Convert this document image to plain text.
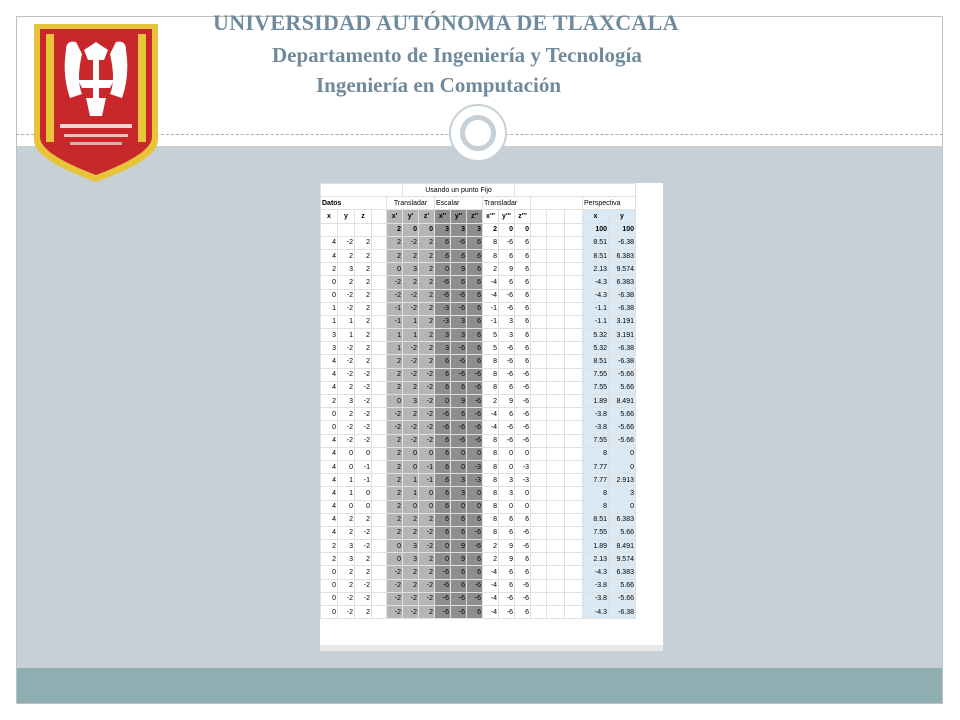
UNIVERSIDAD AUTÓNOMA DE TLAXCALA
Departamento de Ingeniería y Tecnología
Ingeniería en Computación
					Usando un punto Fijo												
Datos				Transladar			Escalar			Transladar						Perspectiva	
x	y	z		x'	y'	z'	x''	y''	z''	x'''	y'''	z'''				x	y
				2	0	0	3	3	3	2	0	0				100	100
4	-2	2		2	-2	2	6	-6	6	8	-6	6				8.51	-6.38
4	2	2		2	2	2	6	6	6	8	6	6				8.51	6.383
2	3	2		0	3	2	0	9	6	2	9	6				2.13	9.574
0	2	2		-2	2	2	-6	6	6	-4	6	6				-4.3	6.383
0	-2	2		-2	-2	2	-6	-6	6	-4	-6	6				-4.3	-6.38
1	-2	2		-1	-2	2	-3	-6	6	-1	-6	6				-1.1	-6.38
1	1	2		-1	1	2	-3	3	6	-1	3	6				-1.1	3.191
3	1	2		1	1	2	3	3	6	5	3	6				5.32	3.191
3	-2	2		1	-2	2	3	-6	6	5	-6	6				5.32	-6.38
4	-2	2		2	-2	2	6	-6	6	8	-6	6				8.51	-6.38
4	-2	-2		2	-2	-2	6	-6	-6	8	-6	-6				7.55	-5.66
4	2	-2		2	2	-2	6	6	-6	8	6	-6				7.55	5.66
2	3	-2		0	3	-2	0	9	-6	2	9	-6				1.89	8.491
0	2	-2		-2	2	-2	-6	6	-6	-4	6	-6				-3.8	5.66
0	-2	-2		-2	-2	-2	-6	-6	-6	-4	-6	-6				-3.8	-5.66
4	-2	-2		2	-2	-2	6	-6	-6	8	-6	-6				7.55	-5.66
4	0	0		2	0	0	6	0	0	8	0	0				8	0
4	0	-1		2	0	-1	6	0	-3	8	0	-3				7.77	0
4	1	-1		2	1	-1	6	3	-3	8	3	-3				7.77	2.913
4	1	0		2	1	0	6	3	0	8	3	0				8	3
4	0	0		2	0	0	6	0	0	8	0	0				8	0
4	2	2		2	2	2	6	6	6	8	6	6				8.51	6.383
4	2	-2		2	2	-2	6	6	-6	8	6	-6				7.55	5.66
2	3	-2		0	3	-2	0	9	-6	2	9	-6				1.89	8.491
2	3	2		0	3	2	0	9	6	2	9	6				2.13	9.574
0	2	2		-2	2	2	-6	6	6	-4	6	6				-4.3	6.383
0	2	-2		-2	2	-2	-6	6	-6	-4	6	-6				-3.8	5.66
0	-2	-2		-2	-2	-2	-6	-6	-6	-4	-6	-6				-3.8	-5.66
0	-2	2		-2	-2	2	-6	-6	6	-4	-6	6				-4.3	-6.38
